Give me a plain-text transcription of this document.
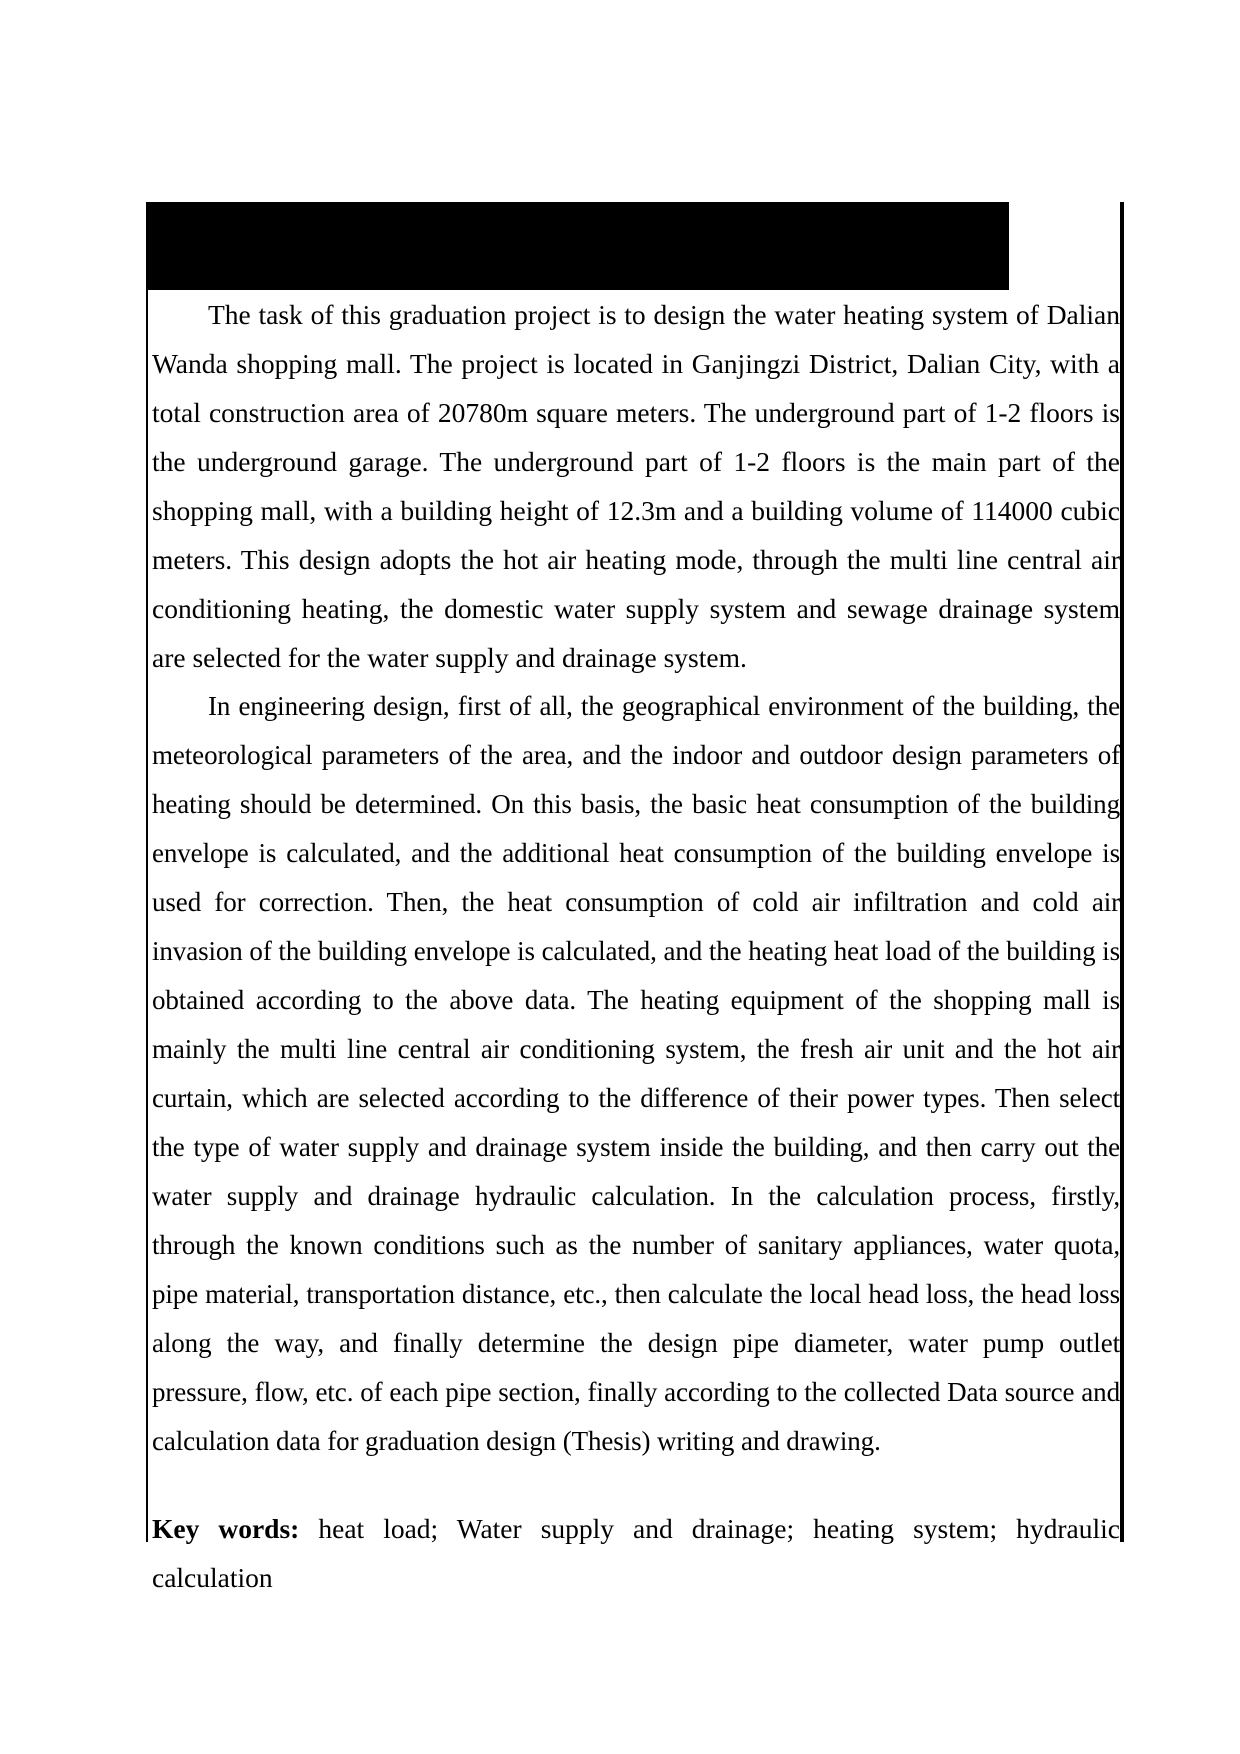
The task of this graduation project is to design the water heating system of Dalian Wanda shopping mall. The project is located in Ganjingzi District, Dalian City, with a total construction area of 20780m square meters. The underground part of 1-2 floors is the underground garage. The underground part of 1-2 floors is the main part of the shopping mall, with a building height of 12.3m and a building volume of 114000 cubic meters. This design adopts the hot air heating mode, through the multi line central air conditioning heating, the domestic water supply system and sewage drainage system are selected for the water supply and drainage system.

In engineering design, first of all, the geographical environment of the building, the meteorological parameters of the area, and the indoor and outdoor design parameters of heating should be determined. On this basis, the basic heat consumption of the building envelope is calculated, and the additional heat consumption of the building envelope is used for correction. Then, the heat consumption of cold air infiltration and cold air invasion of the building envelope is calculated, and the heating heat load of the building is obtained according to the above data. The heating equipment of the shopping mall is mainly the multi line central air conditioning system, the fresh air unit and the hot air curtain, which are selected according to the difference of their power types. Then select the type of water supply and drainage system inside the building, and then carry out the water supply and drainage hydraulic calculation. In the calculation process, firstly, through the known conditions such as the number of sanitary appliances, water quota, pipe material, transportation distance, etc., then calculate the local head loss, the head loss along the way, and finally determine the design pipe diameter, water pump outlet pressure, flow, etc. of each pipe section, finally according to the collected Data source and calculation data for graduation design (Thesis) writing and drawing.

Key words: heat load; Water supply and drainage; heating system; hydraulic calculation
